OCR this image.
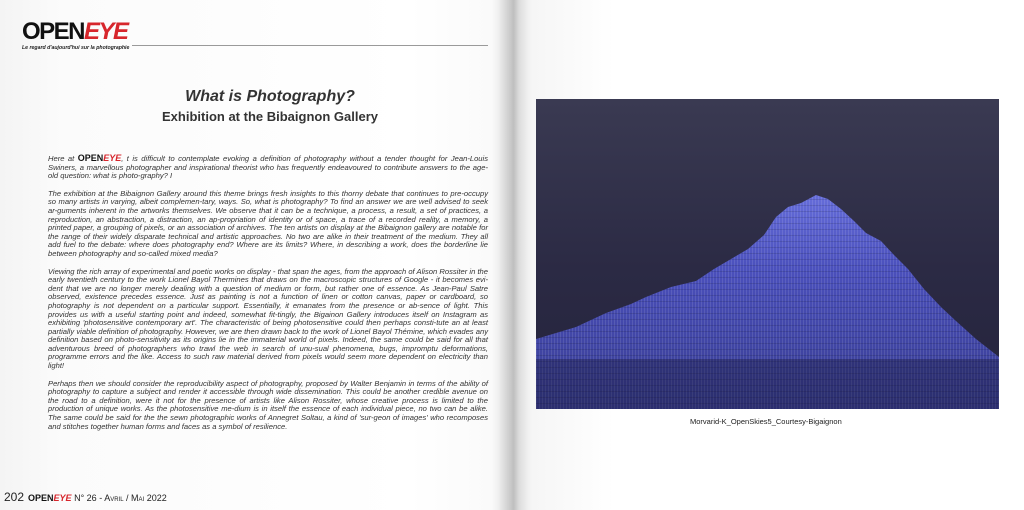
OPENEYE
Le regard d'aujourd'hui sur la photographie
What is Photography?
Exhibition at the Bibaignon Gallery

Here at OPENEYE, t is difficult to contemplate evoking a definition of photography without a tender thought for Jean-Louis Swiners, a marvellous photographer and inspirational theorist who has frequently endeavoured to contribute answers to the age-old question: what is photo-graphy? I

The exhibition at the Bibaignon Gallery around this theme brings fresh insights to this thorny debate that continues to pre-occupy so many artists in varying, albeit complemen-tary, ways. So, what is photography? To find an answer we are well advised to seek ar-guments inherent in the artworks themselves. We observe that it can be a technique, a process, a result, a set of practices, a reproduction, an abstraction, a distraction, an ap-propriation of identity or of space, a trace of a recorded reality, a memory, a printed paper, a grouping of pixels, or an association of archives. The ten artists on display at the Bibaignon gallery are notable for the range of their widely disparate technical and artistic approaches. No two are alike in their treatment of the medium. They all add fuel to the debate: where does photography end? Where are its limits? Where, in describing a work, does the borderline lie between photography and so-called mixed media?

Viewing the rich array of experimental and poetic works on display - that span the ages, from the approach of Alison Rossiter in the early twentieth century to the work Lionel Bayol Thermines that draws on the macroscopic structures of Google - it becomes evi-dent that we are no longer merely dealing with a question of medium or form, but rather one of essence. As Jean-Paul Satre observed, existence precedes essence. Just as painting is not a function of linen or cotton canvas, paper or cardboard, so photography is not dependent on a particular support. Essentially, it emanates from the presence or ab-sence of light. This provides us with a useful starting point and indeed, somewhat fit-tingly, the Bigainon Gallery introduces itself on Instagram as exhibiting 'photosensitive contemporary art'. The characteristic of being photosensitive could then perhaps consti-tute an at least partially viable definition of photography. However, we are then drawn back to the work of Lionel Bayol Thémine, which evades any definition based on photo-sensitivity as its origins lie in the immaterial world of pixels. Indeed, the same could be said for all that adventurous breed of photographers who trawl the web in search of unu-sual phenomena, bugs, impromptu deformations, programme errors and the like. Access to such raw material derived from pixels would seem more dependent on electricity than light!

Perhaps then we should consider the reproducibility aspect of photography, proposed by Walter Benjamin in terms of the ability of photography to capture a subject and render it accessible through wide dissemination. This could be another credible avenue on the road to a definition, were it not for the presence of artists like Alison Rossiter, whose creative process is limited to the production of unique works. As the photosensitive me-dium is in itself the essence of each individual piece, no two can be alike. The same could be said for the the sewn photographic works of Annegret Soltau, a kind of 'sur-geon of images' who recomposes and stitches together human forms and faces as a symbol of resilience.

202 OPENEYE N° 26 - Avril / Mai 2022
Morvarid-K_OpenSkies5_Courtesy-Bigaignon
